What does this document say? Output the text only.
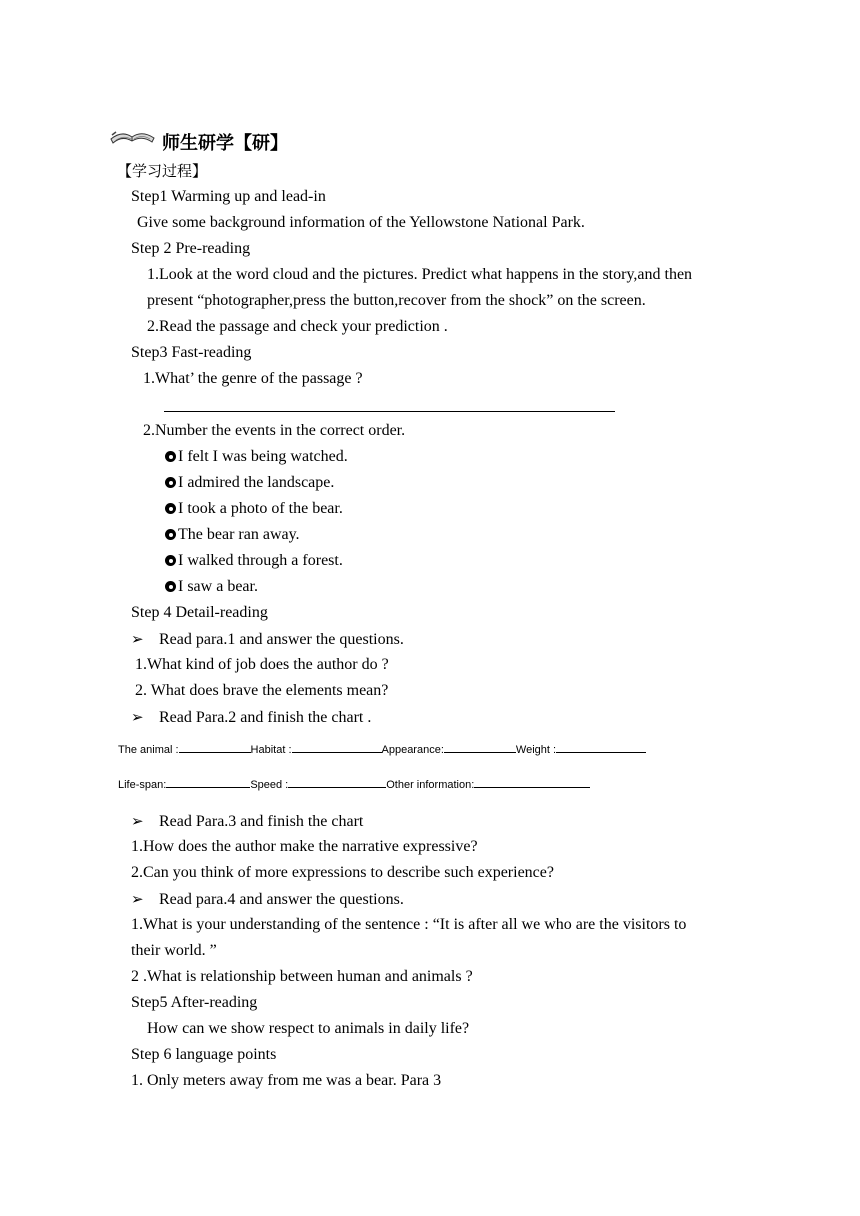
师生研学【研】
【学习过程】
Step1 Warming up and lead-in
Give some background information of the Yellowstone National Park.
Step 2 Pre-reading
1.Look at the word cloud and the pictures. Predict what happens in the story,and then
present “photographer,press the button,recover from the shock” on the screen.
2.Read the passage and check your prediction .
Step3 Fast-reading
1.What’ the genre of the passage ?
2.Number the events in the correct order.
I felt I was being watched.
I admired the landscape.
I took a photo of the bear.
The bear ran away.
I walked through a forest.
I saw a bear.
Step 4 Detail-reading
➢ Read para.1 and answer the questions.
1.What kind of job does the author do ?
2. What does brave the elements mean?
➢ Read Para.2 and finish the chart .
The animal :	Habitat :	Appearance:	Weight :
Life-span:	Speed :	Other information:
➢ Read Para.3 and finish the chart
1.How does the author make the narrative expressive?
2.Can you think of more expressions to describe such experience?
➢ Read para.4 and answer the questions.
1.What is your understanding of the sentence : “It is after all we who are the visitors to
their world. ”
2 .What is relationship between human and animals ?
Step5 After-reading
How can we show respect to animals in daily life?
Step 6 language points
1. Only meters away from me was a bear. Para 3
